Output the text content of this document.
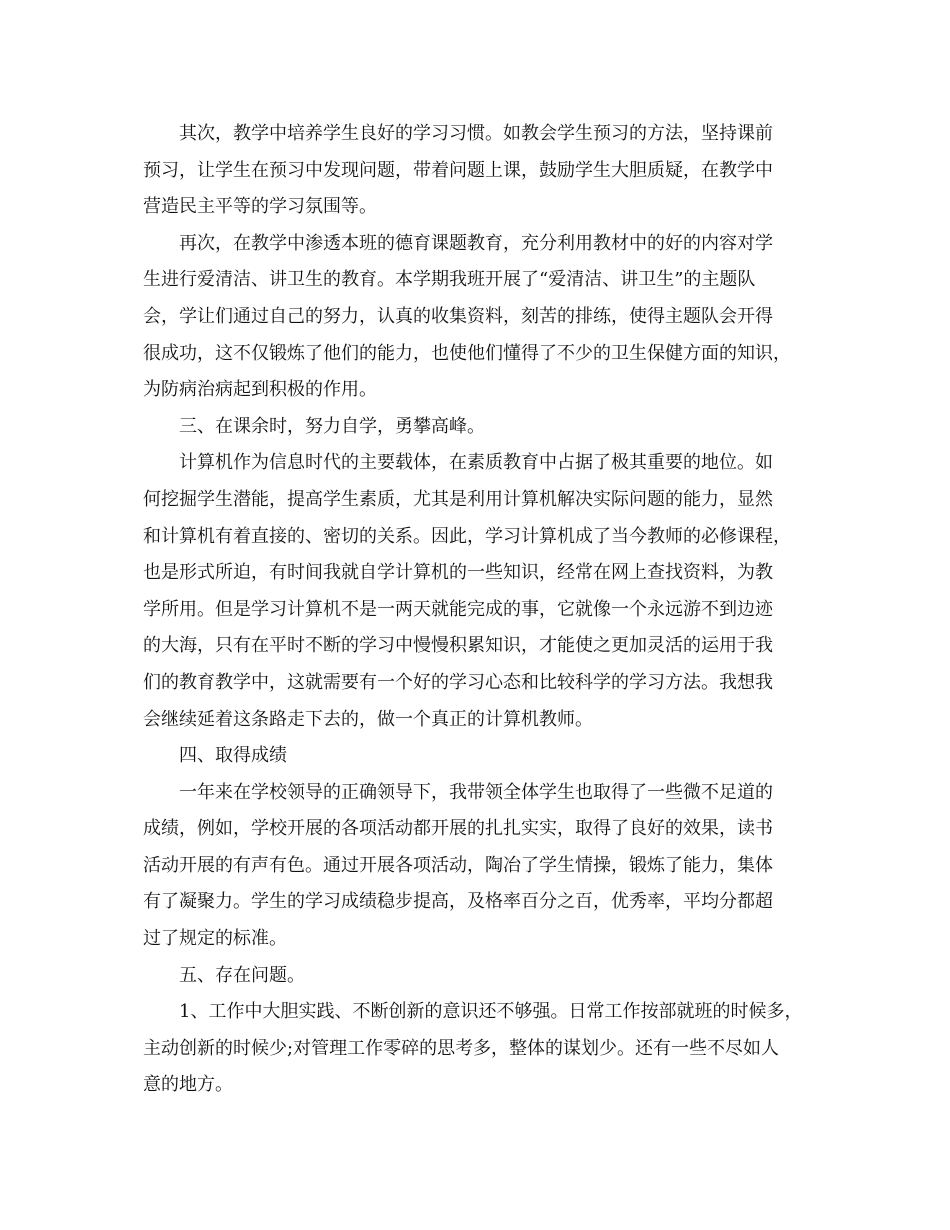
其次，教学中培养学生良好的学习习惯。如教会学生预习的方法，坚持课前
预习，让学生在预习中发现问题，带着问题上课，鼓励学生大胆质疑，在教学中
营造民主平等的学习氛围等。
再次，在教学中渗透本班的德育课题教育，充分利用教材中的好的内容对学
生进行爱清洁、讲卫生的教育。本学期我班开展了“爱清洁、讲卫生”的主题队
会，学让们通过自己的努力，认真的收集资料，刻苦的排练，使得主题队会开得
很成功，这不仅锻炼了他们的能力，也使他们懂得了不少的卫生保健方面的知识，
为防病治病起到积极的作用。
三、在课余时，努力自学，勇攀高峰。
计算机作为信息时代的主要载体，在素质教育中占据了极其重要的地位。如
何挖掘学生潜能，提高学生素质，尤其是利用计算机解决实际问题的能力，显然
和计算机有着直接的、密切的关系。因此，学习计算机成了当今教师的必修课程，
也是形式所迫，有时间我就自学计算机的一些知识，经常在网上查找资料，为教
学所用。但是学习计算机不是一两天就能完成的事，它就像一个永远游不到边迹
的大海，只有在平时不断的学习中慢慢积累知识，才能使之更加灵活的运用于我
们的教育教学中，这就需要有一个好的学习心态和比较科学的学习方法。我想我
会继续延着这条路走下去的，做一个真正的计算机教师。
四、取得成绩
一年来在学校领导的正确领导下，我带领全体学生也取得了一些微不足道的
成绩，例如，学校开展的各项活动都开展的扎扎实实，取得了良好的效果，读书
活动开展的有声有色。通过开展各项活动，陶冶了学生情操，锻炼了能力，集体
有了凝聚力。学生的学习成绩稳步提高，及格率百分之百，优秀率，平均分都超
过了规定的标准。
五、存在问题。
1、工作中大胆实践、不断创新的意识还不够强。日常工作按部就班的时候多，
主动创新的时候少;对管理工作零碎的思考多，整体的谋划少。还有一些不尽如人
意的地方。
